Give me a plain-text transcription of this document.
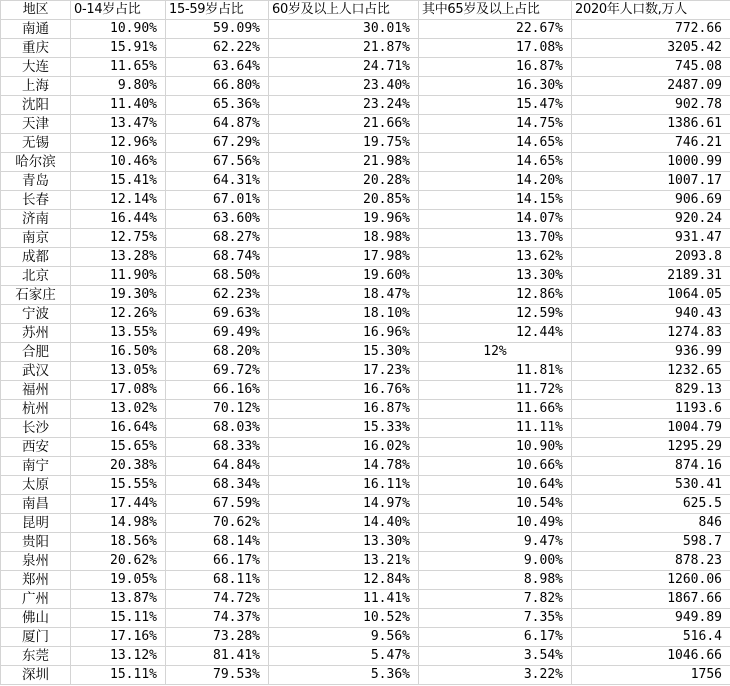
地区	0-14岁占比	15-59岁占比	60岁及以上人口占比	其中65岁及以上占比	2020年人口数,万人
南通	10.90%	59.09%	30.01%	22.67%	772.66
重庆	15.91%	62.22%	21.87%	17.08%	3205.42
大连	11.65%	63.64%	24.71%	16.87%	745.08
上海	9.80%	66.80%	23.40%	16.30%	2487.09
沈阳	11.40%	65.36%	23.24%	15.47%	902.78
天津	13.47%	64.87%	21.66%	14.75%	1386.61
无锡	12.96%	67.29%	19.75%	14.65%	746.21
哈尔滨	10.46%	67.56%	21.98%	14.65%	1000.99
青岛	15.41%	64.31%	20.28%	14.20%	1007.17
长春	12.14%	67.01%	20.85%	14.15%	906.69
济南	16.44%	63.60%	19.96%	14.07%	920.24
南京	12.75%	68.27%	18.98%	13.70%	931.47
成都	13.28%	68.74%	17.98%	13.62%	2093.8
北京	11.90%	68.50%	19.60%	13.30%	2189.31
石家庄	19.30%	62.23%	18.47%	12.86%	1064.05
宁波	12.26%	69.63%	18.10%	12.59%	940.43
苏州	13.55%	69.49%	16.96%	12.44%	1274.83
合肥	16.50%	68.20%	15.30%	12%	936.99
武汉	13.05%	69.72%	17.23%	11.81%	1232.65
福州	17.08%	66.16%	16.76%	11.72%	829.13
杭州	13.02%	70.12%	16.87%	11.66%	1193.6
长沙	16.64%	68.03%	15.33%	11.11%	1004.79
西安	15.65%	68.33%	16.02%	10.90%	1295.29
南宁	20.38%	64.84%	14.78%	10.66%	874.16
太原	15.55%	68.34%	16.11%	10.64%	530.41
南昌	17.44%	67.59%	14.97%	10.54%	625.5
昆明	14.98%	70.62%	14.40%	10.49%	846
贵阳	18.56%	68.14%	13.30%	9.47%	598.7
泉州	20.62%	66.17%	13.21%	9.00%	878.23
郑州	19.05%	68.11%	12.84%	8.98%	1260.06
广州	13.87%	74.72%	11.41%	7.82%	1867.66
佛山	15.11%	74.37%	10.52%	7.35%	949.89
厦门	17.16%	73.28%	9.56%	6.17%	516.4
东莞	13.12%	81.41%	5.47%	3.54%	1046.66
深圳	15.11%	79.53%	5.36%	3.22%	1756
